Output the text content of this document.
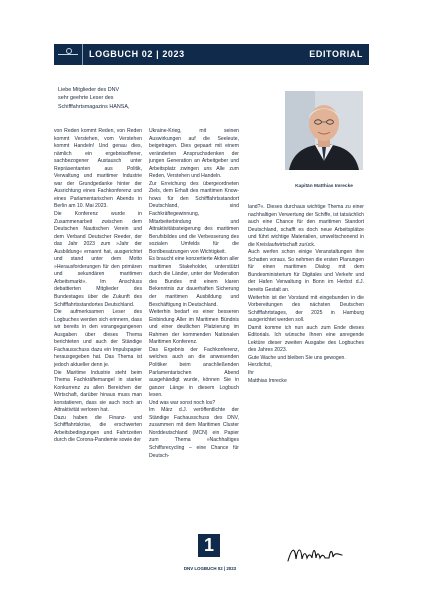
LOGBUCH 02 | 2023	EDITORIAL
Liebe Mitglieder des DNV
sehr geehrte Leser des
Schifffahrtsmagazins HANSA,

von Reden kommt Reden, von Reden kommt Verstehen, vom Verstehen kommt Handeln! Und genau dies, nämlich ein ergebnisoffener, sachbezogener Austausch unter Repräsentanten aus Politik, Verwaltung und maritimer Industrie war der Grundgedanke hinter der Ausrichtung eines Fachkonferenz und eines Parlamentarischen Abends in Berlin am 10. Mai 2023.

Die Konferenz wurde in Zusammenarbeit zwischen dem Deutschen Nautischen Verein und dem Verband Deutscher Reeder, der das Jahr 2023 zum »Jahr der Ausbildung« ernannt hat, ausgerichtet und stand unter dem Motto »Herausforderungen für den primären und sekundären maritimen Arbeitsmarkt«. Im Anschluss debattierten Mitglieder des Bundestages über die Zukunft des Schifffahrtsstandortes Deutschland.

Die aufmerksamen Leser des Logbuches werden sich erinnern, dass wir bereits in den vorangegangenen Ausgaben über dieses Thema berichteten und auch der Ständige Fachausschuss dazu ein Impulspapier herausgegeben hat. Das Thema ist jedoch aktueller denn je.

Die Maritime Industrie steht beim Thema Fachkräftemangel in starker Konkurrenz zu allen Bereichen der Wirtschaft, darüber hinaus muss man konstatieren, dass sie auch noch an Attraktivität verloren hat.

Dazu haben die Finanz- und Schifffahrtskrise, die erschwerten Arbeitsbedingungen und Fahrtzeiten durch die Corona-Pandemie sowie der

Ukraine-Krieg, mit seinen Auswirkungen auf die Seeleute, beigetragen. Dies gepaart mit einem veränderten Anspruchsdenken der jungen Generation an Arbeitgeber und Arbeitsplatz zwingen uns Alle zum Reden, Verstehen und Handeln.

Zur Erreichung des übergeordneten Ziels, dem Erhalt des maritimen Know-hows für den Schifffahrtsstandort Deutschland, sind Fachkräftegewinnung, Mitarbeiterbindung und Attraktivitätssteigerung des maritimen Berufsbildes und die Verbesserung des sozialen Umfelds für die Bordbesatzungen von Wichtigkeit.

Es braucht eine konzertierte Aktion aller maritimen Stakeholder, unterstützt durch die Länder, unter der Moderation des Bundes mit einem klaren Bekenntnis zur dauerhaften Sicherung der maritimen Ausbildung und Beschäftigung in Deutschland.

Weiterhin bedarf es einer besseren Einbindung Aller im Maritimen Bündnis und einer deutlichen Platzierung im Rahmen der kommenden Nationalen Maritimen Konferenz.

Das Ergebnis der Fachkonferenz, welches auch an die anwesenden Politiker beim anschließenden Parlamentarischen Abend ausgehändigt wurde, können Sie in ganzer Länge in diesem Logbuch lesen.

Und was war sonst noch los?

Im März d.J. veröffentlichte der Ständige Fachausschuss des DNV, zusammen mit dem Maritimen Cluster Norddeutschland (MCN) ein Papier zum Thema »Nachhaltiges Schiffsrecycling – eine Chance für Deutsch-

Kapitän Matthias Imrecke

land?«. Dieses durchaus wichtige Thema zu einer nachhaltigen Verwertung der Schiffe, ist tatsächlich auch eine Chance für den maritimen Standort Deutschland, schafft es doch neue Arbeitsplätze und führt wichtige Materialien, umweltschonend in die Kreislaufwirtschaft zurück.

Auch werfen schon einige Veranstaltungen ihre Schatten voraus. So nehmen die ersten Planungen für einen maritimen Dialog mit dem Bundesministerium für Digitales und Verkehr und der Hafen Verwaltung in Bonn im Herbst d.J. bereits Gestalt an.

Weiterhin ist der Vorstand mit eingebunden in die Vorbereitungen des nächsten Deutschen Schifffahrtstages, der 2025 in Hamburg ausgerichtet werden soll.

Damit komme ich nun auch zum Ende dieses Editorials. Ich wünsche Ihnen eine anregende Lektüre dieser zweiten Ausgabe des Logbuches des Jahres 2023.

Gute Wache und bleiben Sie uns gewogen.

Herzlichst,

Ihr

Matthias Imrecke

1
DNV LOGBUCH 02 | 2023
